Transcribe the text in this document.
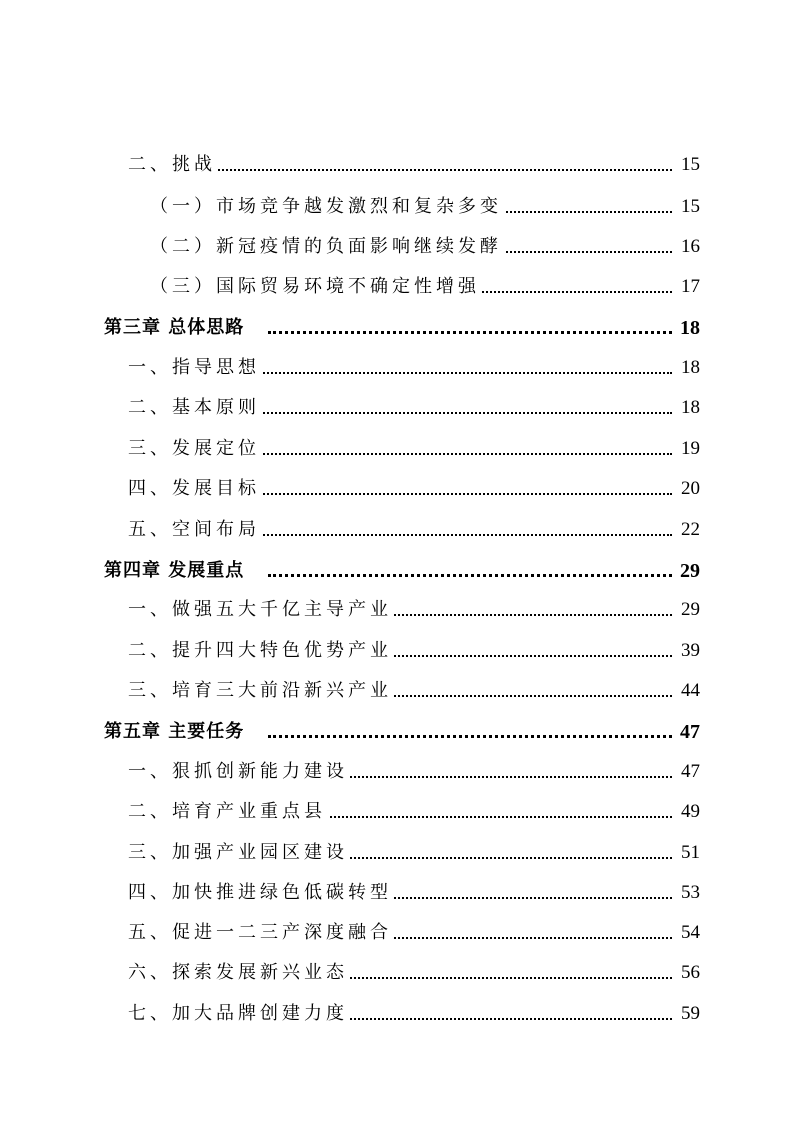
二、挑战	15
（一）市场竞争越发激烈和复杂多变	15
（二）新冠疫情的负面影响继续发酵	16
（三）国际贸易环境不确定性增强	17
第三章 总体思路	18
一、指导思想	18
二、基本原则	18
三、发展定位	19
四、发展目标	20
五、空间布局	22
第四章 发展重点	29
一、做强五大千亿主导产业	29
二、提升四大特色优势产业	39
三、培育三大前沿新兴产业	44
第五章 主要任务	47
一、狠抓创新能力建设	47
二、培育产业重点县	49
三、加强产业园区建设	51
四、加快推进绿色低碳转型	53
五、促进一二三产深度融合	54
六、探索发展新兴业态	56
七、加大品牌创建力度	59
